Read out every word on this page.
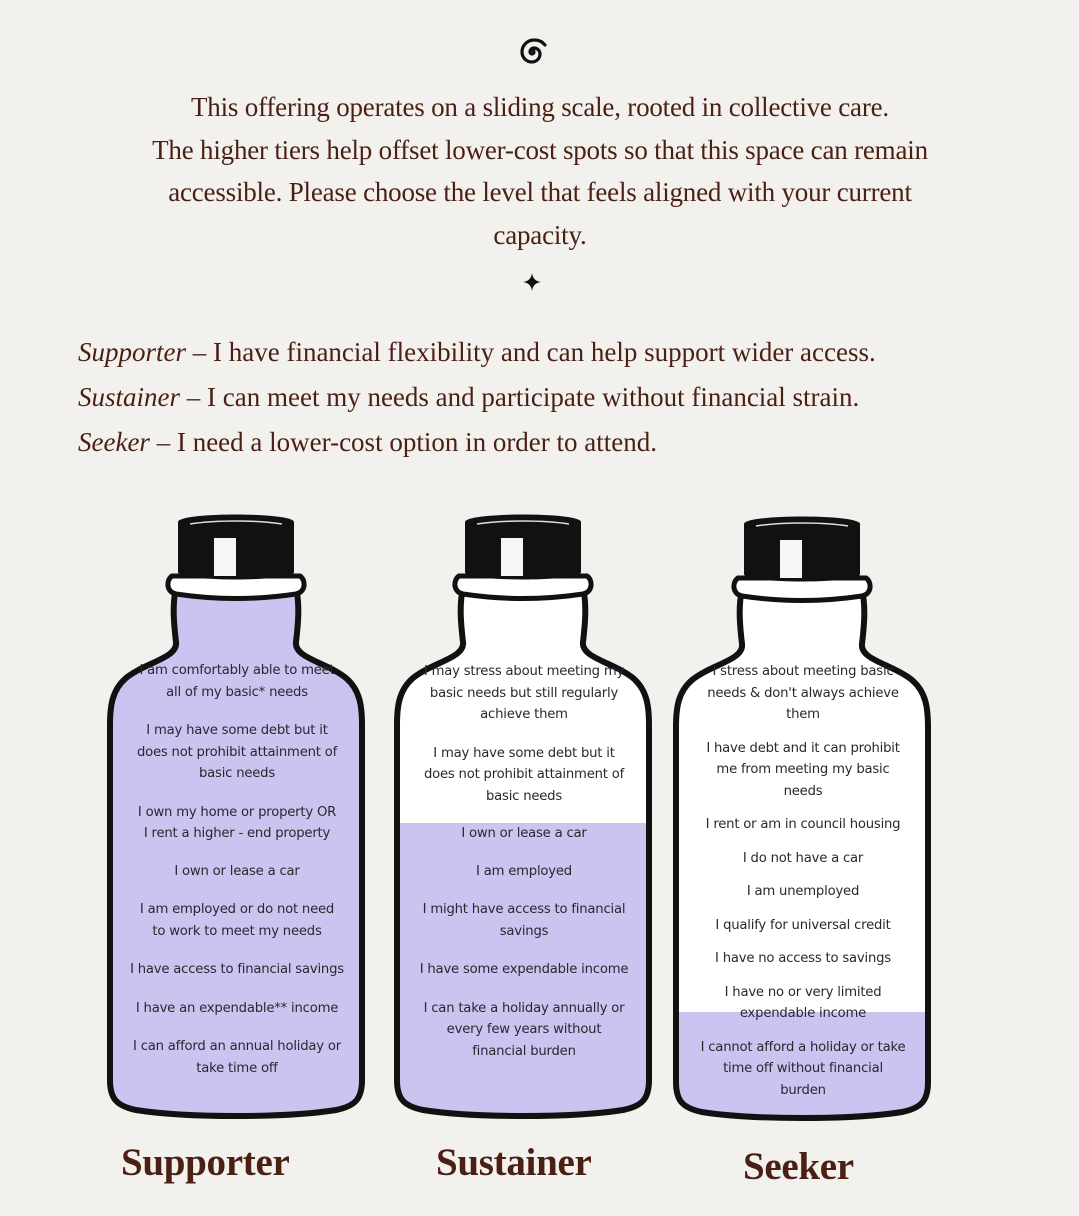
This offering operates on a sliding scale, rooted in collective care.

The higher tiers help offset lower-cost spots so that this space can remain

accessible. Please choose the level that feels aligned with your current

capacity.

Supporter – I have financial flexibility and can help support wider access.

Sustainer – I can meet my needs and participate without financial strain.

Seeker – I need a lower-cost option in order to attend.

I am comfortably able to meet
all of my basic* needs
I may have some debt but it
does not prohibit attainment of
basic needs
I own my home or property OR
I rent a higher - end property
I own or lease a car
I am employed or do not need
to work to meet my needs
I have access to financial savings
I have an expendable** income
I can afford an annual holiday or
take time off
I may stress about meeting my
basic needs but still regularly
achieve them
I may have some debt but it
does not prohibit attainment of
basic needs
I own or lease a car
I am employed
I might have access to financial
savings
I have some expendable income
I can take a holiday annually or
every few years without
financial burden
I stress about meeting basic
needs & don't always achieve
them
I have debt and it can prohibit
me from meeting my basic
needs
I rent or am in council housing
I do not have a car
I am unemployed
I qualify for universal credit
I have no access to savings
I have no or very limited
expendable income
I cannot afford a holiday or take
time off without financial
burden
Supporter	Sustainer	Seeker
